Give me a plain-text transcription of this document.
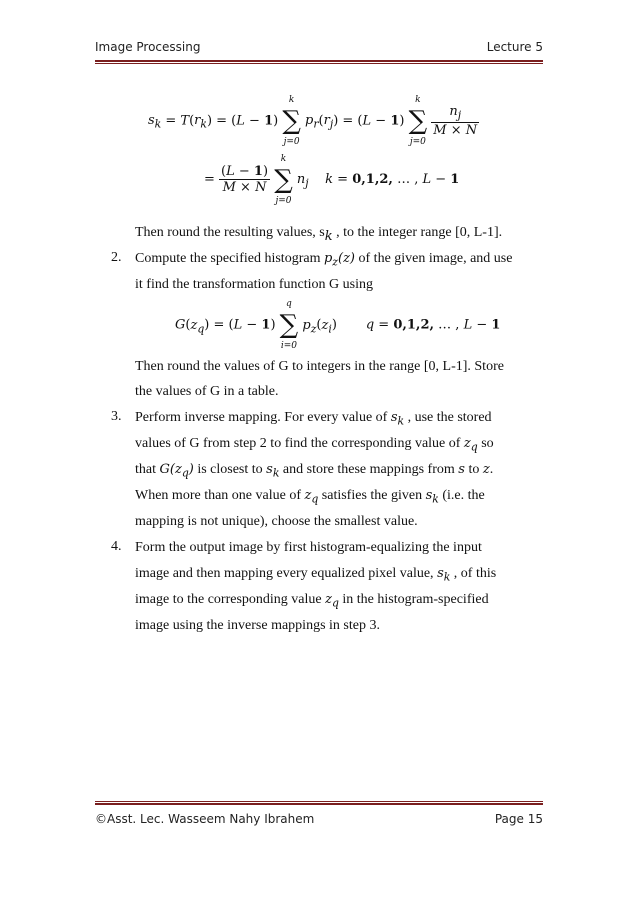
Image Processing	Lecture 5
$s_k = T(r_k) = (L - 1)$ ∑
k
j=0
$p_r(r_j) = (L - 1)$ ∑
k
j=0

$\frac{n_j}{M \times N}$
= $\frac{(L - 1)}{M \times N}$ ∑
k
j=0
$n_j$ k = 0,1,2, … , L − 1
Then round the resulting values, $s_k$ , to the integer range [0, L-1].
2. Compute the specified histogram $p_z(z)$ of the given image, and use
it find the transformation function G using
$G(z_q) = (L - 1)$ ∑
q
i=0
$p_z(z_i)$       q = 0,1,2, … , L − 1
Then round the values of G to integers in the range [0, L-1]. Store
the values of G in a table.
3. Perform inverse mapping. For every value of $s_k$ , use the stored
values of G from step 2 to find the corresponding value of $z_q$ so
that $G(z_q)$ is closest to $s_k$ and store these mappings from s to z.
When more than one value of $z_q$ satisfies the given $s_k$ (i.e. the
mapping is not unique), choose the smallest value.
4. Form the output image by first histogram-equalizing the input
image and then mapping every equalized pixel value, $s_k$ , of this
image to the corresponding value $z_q$ in the histogram-specified
image using the inverse mappings in step 3.
©Asst. Lec. Wasseem Nahy Ibrahem	Page 15
